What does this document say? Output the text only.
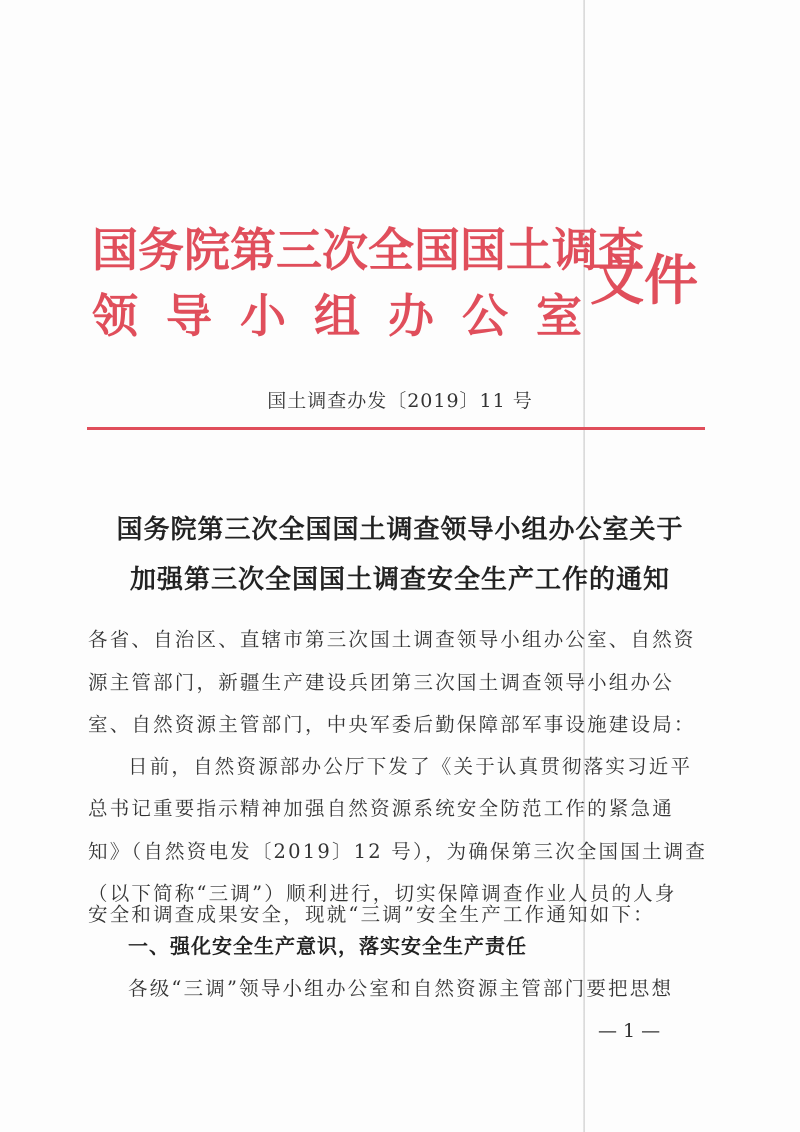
国务院第三次全国国土调查
领导小组办公室
文件
国土调查办发〔2019〕11 号
国务院第三次全国国土调查领导小组办公室关于
加强第三次全国国土调查安全生产工作的通知
各省、自治区、直辖市第三次国土调查领导小组办公室、自然资
源主管部门，新疆生产建设兵团第三次国土调查领导小组办公
室、自然资源主管部门，中央军委后勤保障部军事设施建设局：
日前，自然资源部办公厅下发了《关于认真贯彻落实习近平
总书记重要指示精神加强自然资源系统安全防范工作的紧急通
知》（自然资电发〔2019〕12 号），为确保第三次全国国土调查
（以下简称“三调”）顺利进行，切实保障调查作业人员的人身
安全和调查成果安全，现就“三调”安全生产工作通知如下：
一、强化安全生产意识，落实安全生产责任
各级“三调”领导小组办公室和自然资源主管部门要把思想
— 1 —
